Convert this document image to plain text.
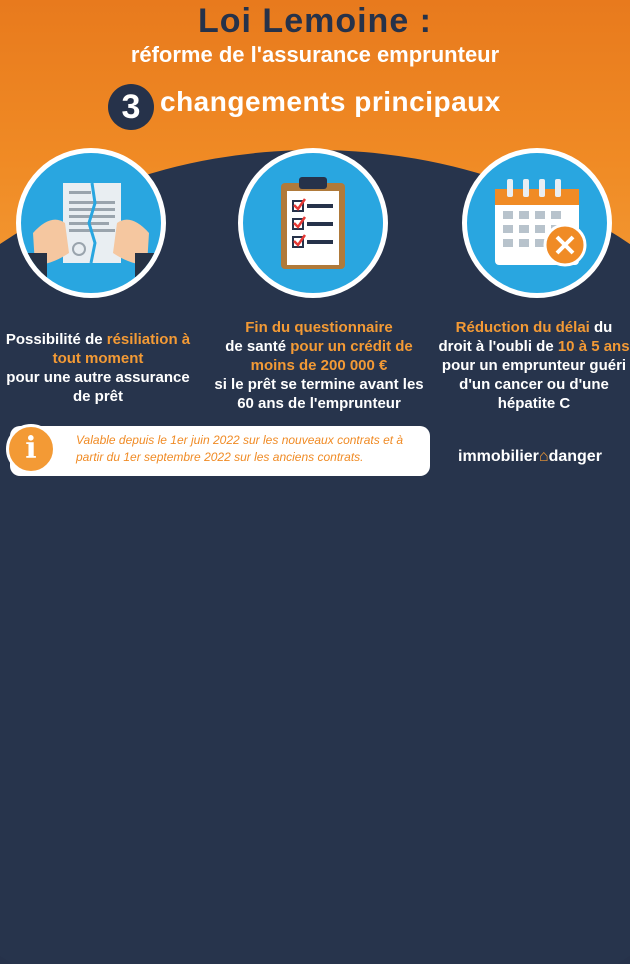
Loi Lemoine :
réforme de l'assurance emprunteur
3 changements principaux
Possibilité de résiliation à tout moment
pour une autre assurance de prêt
Fin du questionnaire
de santé pour un crédit de moins de 200 000 €
si le prêt se termine avant les 60 ans de l'emprunteur
Réduction du délai du droit à l'oubli de 10 à 5 ans pour un emprunteur guéri d'un cancer ou d'une hépatite C
i	Valable depuis le 1er juin 2022 sur les nouveaux contrats et à partir du 1er septembre 2022 sur les anciens contrats.	immobilier⌂danger
